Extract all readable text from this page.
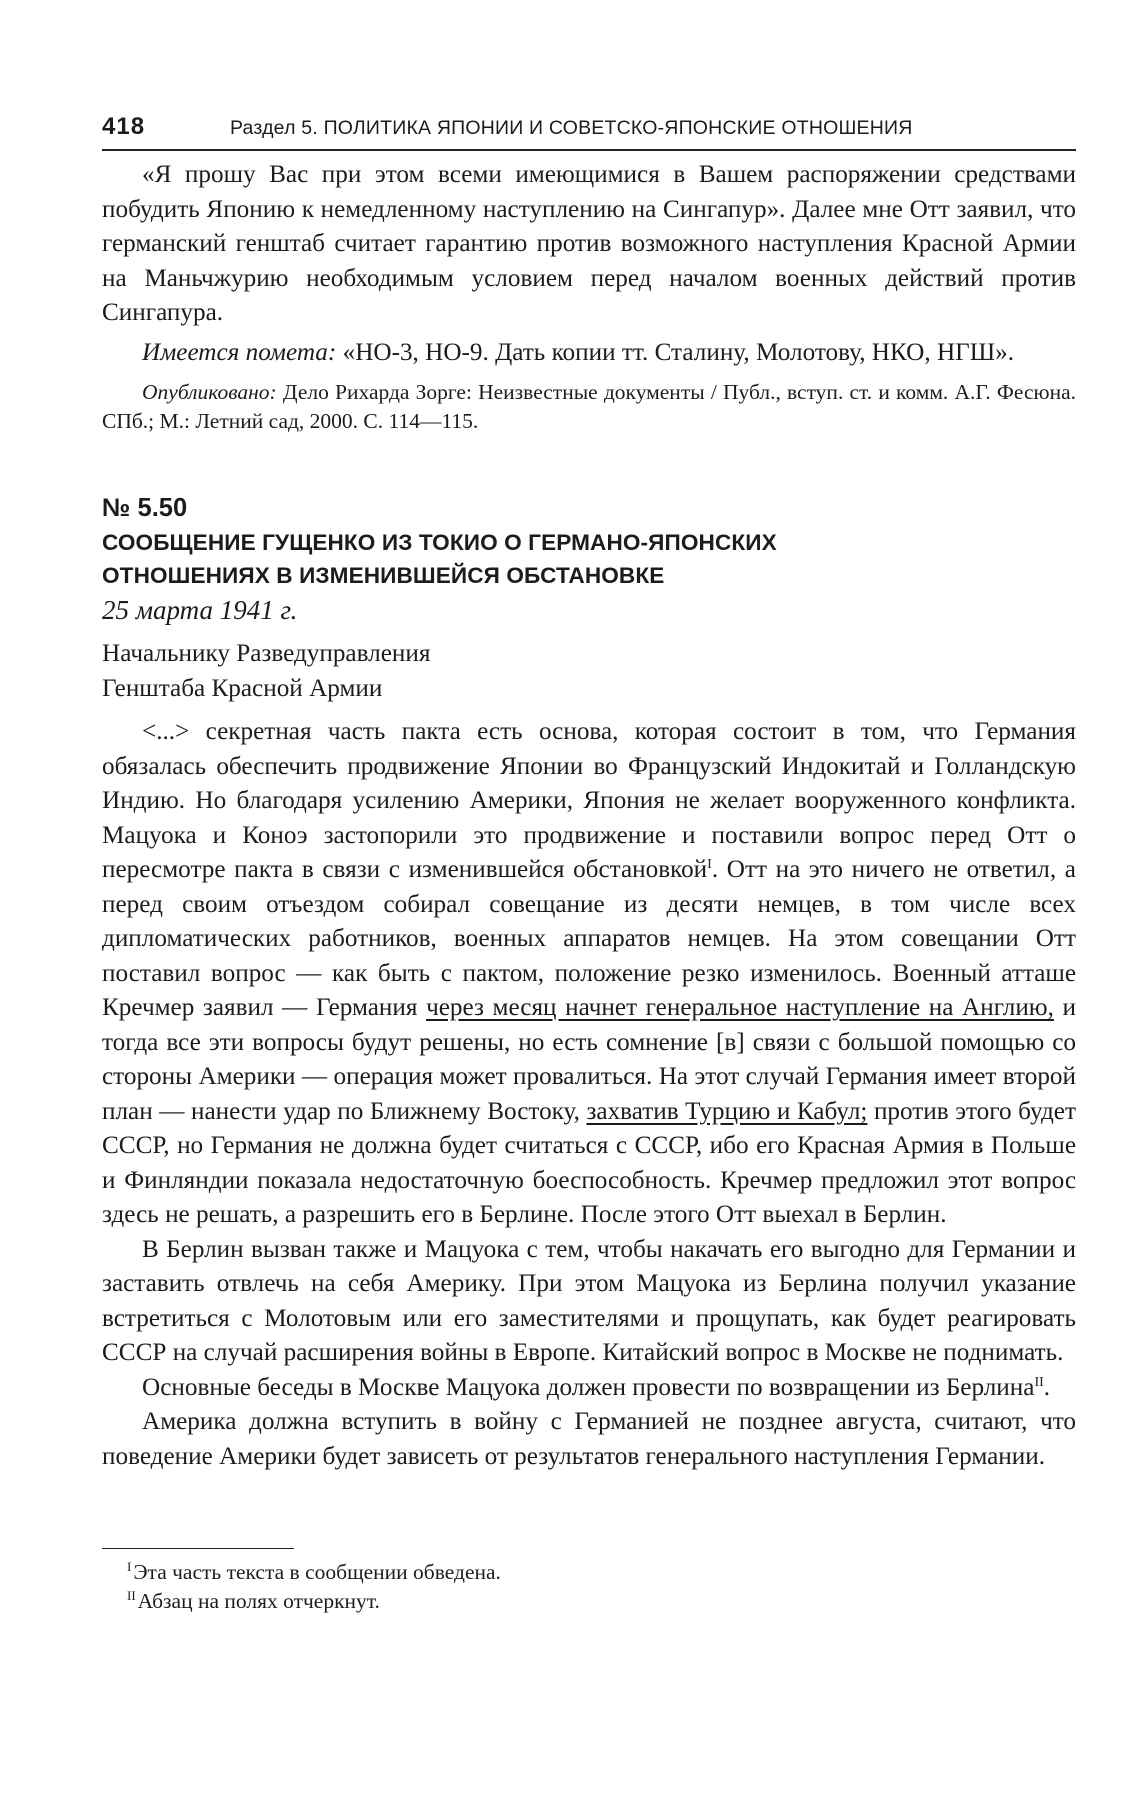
418	Раздел 5. ПОЛИТИКА ЯПОНИИ И СОВЕТСКО-ЯПОНСКИЕ ОТНОШЕНИЯ

«Я прошу Вас при этом всеми имеющимися в Вашем распоряжении средствами побудить Японию к немедленному наступлению на Сингапур». Далее мне Отт заявил, что германский генштаб считает гарантию против возможного наступления Красной Армии на Маньчжурию необходимым условием перед началом военных действий против Сингапура.

Имеется помета: «НО-3, НО-9. Дать копии тт. Сталину, Молотову, НКО, НГШ».

Опубликовано: Дело Рихарда Зорге: Неизвестные документы / Публ., вступ. ст. и комм. А.Г. Фесюна. СПб.; М.: Летний сад, 2000. С. 114—115.

№ 5.50
СООБЩЕНИЕ ГУЩЕНКО ИЗ ТОКИО О ГЕРМАНО-ЯПОНСКИХ
ОТНОШЕНИЯХ В ИЗМЕНИВШЕЙСЯ ОБСТАНОВКЕ
25 марта 1941 г.
Начальнику Разведуправления
Генштаба Красной Армии

<...> секретная часть пакта есть основа, которая состоит в том, что Германия обязалась обеспечить продвижение Японии во Французский Индокитай и Голландскую Индию. Но благодаря усилению Америки, Япония не желает вооруженного конфликта. Мацуока и Коноэ застопорили это продвижение и поставили вопрос перед Отт о пересмотре пакта в связи с изменившейся обстановкой$^I$. Отт на это ничего не ответил, а перед своим отъездом собирал совещание из десяти немцев, в том числе всех дипломатических работников, военных аппаратов немцев. На этом совещании Отт поставил вопрос — как быть с пактом, положение резко изменилось. Военный атташе Кречмер заявил — Германия через месяц начнет генеральное наступление на Англию, и тогда все эти вопросы будут решены, но есть сомнение [в] связи с большой помощью со стороны Америки — операция может провалиться. На этот случай Германия имеет второй план — нанести удар по Ближнему Востоку, захватив Турцию и Кабул; против этого будет СССР, но Германия не должна будет считаться с СССР, ибо его Красная Армия в Польше и Финляндии показала недостаточную боеспособность. Кречмер предложил этот вопрос здесь не решать, а разрешить его в Берлине. После этого Отт выехал в Берлин.

В Берлин вызван также и Мацуока с тем, чтобы накачать его выгодно для Германии и заставить отвлечь на себя Америку. При этом Мацуока из Берлина получил указание встретиться с Молотовым или его заместителями и прощупать, как будет реагировать СССР на случай расширения войны в Европе. Китайский вопрос в Москве не поднимать.

Основные беседы в Москве Мацуока должен провести по возвращении из Берлина$^{II}$.

Америка должна вступить в войну с Германией не позднее августа, считают, что поведение Америки будет зависеть от результатов генерального наступления Германии.

$^I$Эта часть текста в сообщении обведена.
$^{II}$Абзац на полях отчеркнут.
